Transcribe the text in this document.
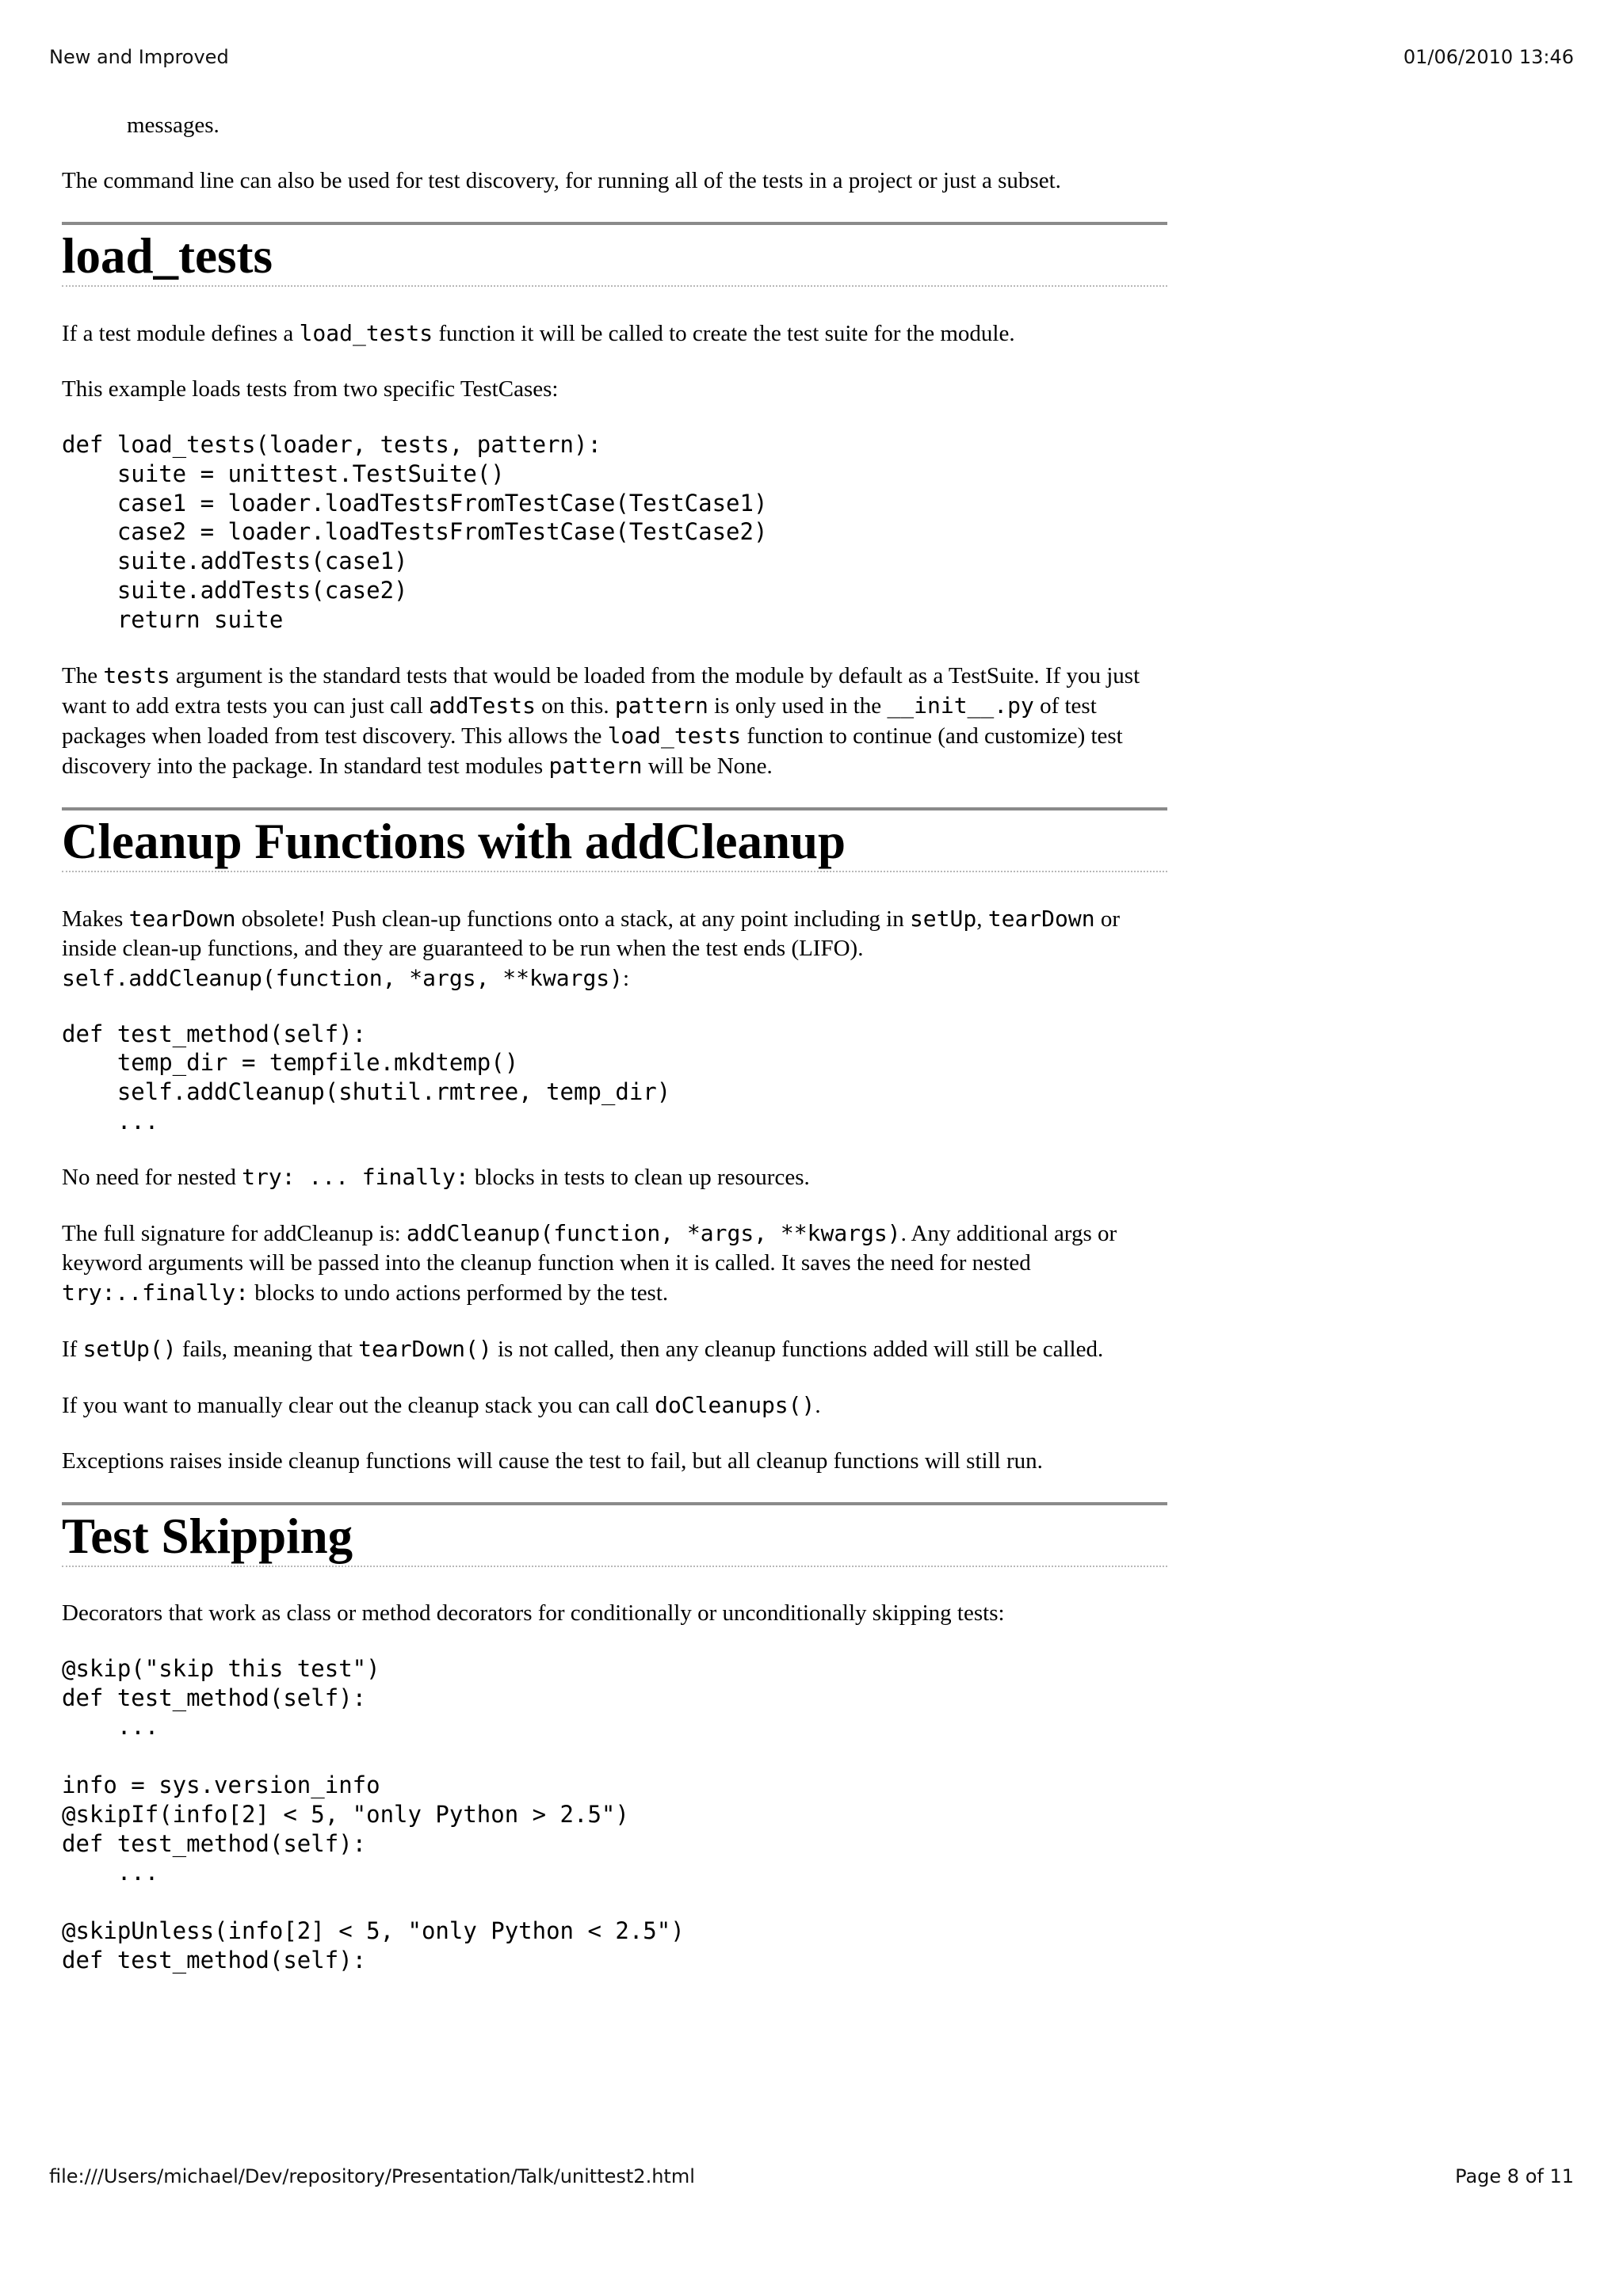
New and Improved	01/06/2010 13:46

messages.

The command line can also be used for test discovery, for running all of the tests in a project or just a subset.

load_tests

If a test module defines a load_tests function it will be called to create the test suite for the module.

This example loads tests from two specific TestCases:

def load_tests(loader, tests, pattern):
suite = unittest.TestSuite()
case1 = loader.loadTestsFromTestCase(TestCase1)
case2 = loader.loadTestsFromTestCase(TestCase2)
suite.addTests(case1)
suite.addTests(case2)
return suite

The tests argument is the standard tests that would be loaded from the module by default as a TestSuite. If you just want to add extra tests you can just call addTests on this. pattern is only used in the __init__.py of test packages when loaded from test discovery. This allows the load_tests function to continue (and customize) test discovery into the package. In standard test modules pattern will be None.

Cleanup Functions with addCleanup

Makes tearDown obsolete! Push clean-up functions onto a stack, at any point including in setUp, tearDown or inside clean-up functions, and they are guaranteed to be run when the test ends (LIFO). self.addCleanup(function, *args, **kwargs):

def test_method(self):
temp_dir = tempfile.mkdtemp()
self.addCleanup(shutil.rmtree, temp_dir)
...

No need for nested try: ... finally: blocks in tests to clean up resources.

The full signature for addCleanup is: addCleanup(function, *args, **kwargs). Any additional args or keyword arguments will be passed into the cleanup function when it is called. It saves the need for nested try:..finally: blocks to undo actions performed by the test.

If setUp() fails, meaning that tearDown() is not called, then any cleanup functions added will still be called.

If you want to manually clear out the cleanup stack you can call doCleanups().

Exceptions raises inside cleanup functions will cause the test to fail, but all cleanup functions will still run.

Test Skipping

Decorators that work as class or method decorators for conditionally or unconditionally skipping tests:

@skip("skip this test")
def test_method(self):
...

info = sys.version_info
@skipIf(info[2] < 5, "only Python > 2.5")
def test_method(self):
...

@skipUnless(info[2] < 5, "only Python < 2.5")
def test_method(self):
file:///Users/michael/Dev/repository/Presentation/Talk/unittest2.html	Page 8 of 11
